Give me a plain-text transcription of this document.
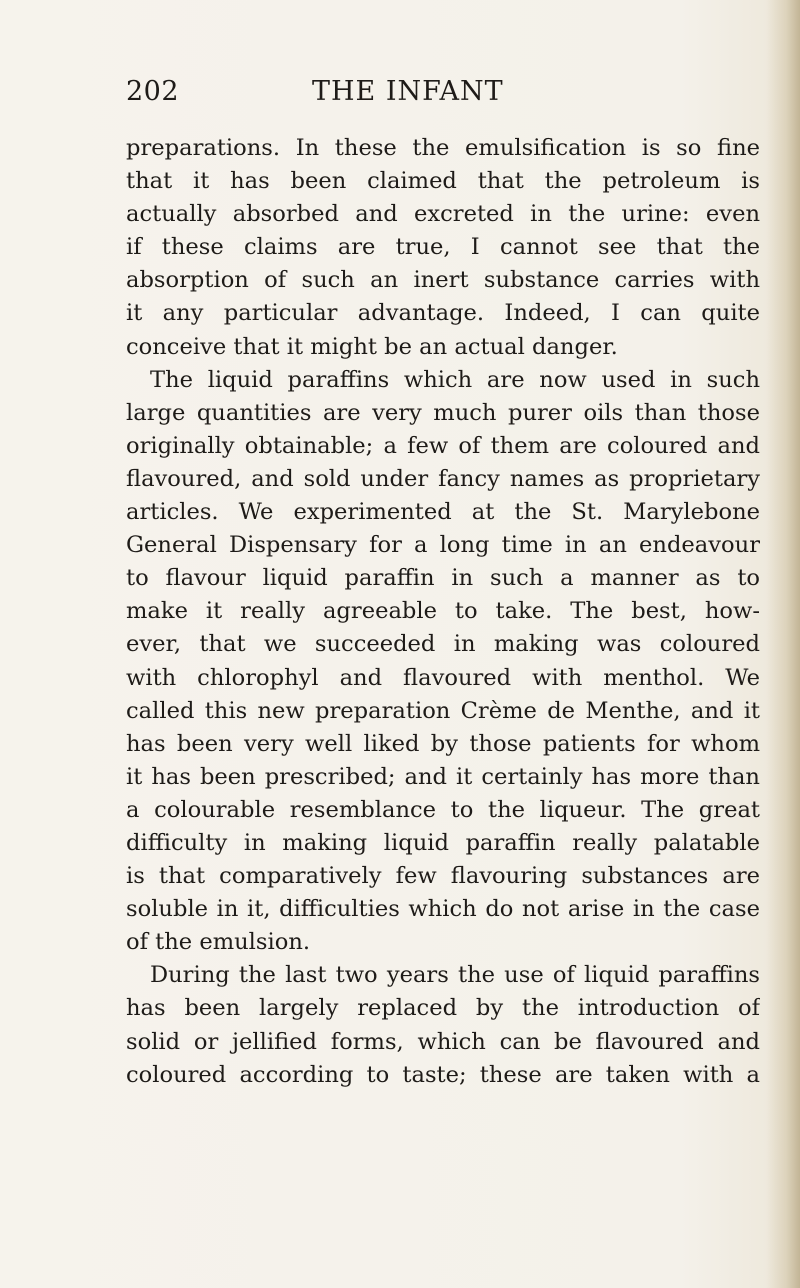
202	THE INFANT
preparations. In these the emulsification is so fine
that it has been claimed that the petroleum is
actually absorbed and excreted in the urine: even
if these claims are true, I cannot see that the
absorption of such an inert substance carries with
it any particular advantage. Indeed, I can quite
conceive that it might be an actual danger.
The liquid paraffins which are now used in such
large quantities are very much purer oils than those
originally obtainable; a few of them are coloured and
flavoured, and sold under fancy names as proprietary
articles. We experimented at the St. Marylebone
General Dispensary for a long time in an endeavour
to flavour liquid paraffin in such a manner as to
make it really agreeable to take. The best, how-
ever, that we succeeded in making was coloured
with chlorophyl and flavoured with menthol. We
called this new preparation Crème de Menthe, and it
has been very well liked by those patients for whom
it has been prescribed; and it certainly has more than
a colourable resemblance to the liqueur. The great
difficulty in making liquid paraffin really palatable
is that comparatively few flavouring substances are
soluble in it, difficulties which do not arise in the case
of the emulsion.
During the last two years the use of liquid paraffins
has been largely replaced by the introduction of
solid or jellified forms, which can be flavoured and
coloured according to taste; these are taken with a
